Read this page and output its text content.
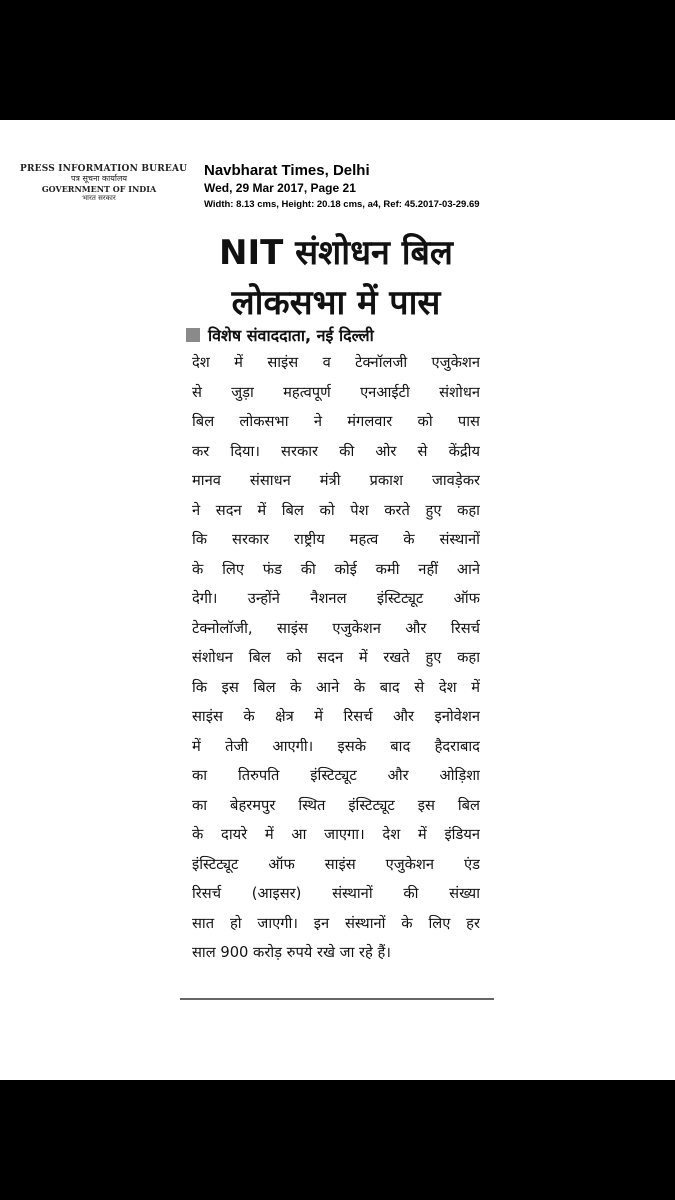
PRESS INFORMATION BUREAU
पत्र सूचना कार्यालय
GOVERNMENT OF INDIA
भारत सरकार
Navbharat Times, Delhi
Wed, 29 Mar 2017, Page 21
Width: 8.13 cms, Height: 20.18 cms, a4, Ref: 45.2017-03-29.69
NIT संशोधन बिल
लोकसभा में पास
विशेष संवाददाता, नई दिल्ली
देश में साइंस व टेक्नॉलजी एजुकेशन
से जुड़ा महत्वपूर्ण एनआईटी संशोधन
बिल लोकसभा ने मंगलवार को पास
कर दिया। सरकार की ओर से केंद्रीय
मानव संसाधन मंत्री प्रकाश जावड़ेकर
ने सदन में बिल को पेश करते हुए कहा
कि सरकार राष्ट्रीय महत्व के संस्थानों
के लिए फंड की कोई कमी नहीं आने
देगी। उन्होंने नैशनल इंस्टिट्यूट ऑफ
टेक्नोलॉजी, साइंस एजुकेशन और रिसर्च
संशोधन बिल को सदन में रखते हुए कहा
कि इस बिल के आने के बाद से देश में
साइंस के क्षेत्र में रिसर्च और इनोवेशन
में तेजी आएगी। इसके बाद हैदराबाद
का तिरुपति इंस्टिट्यूट और ओड़िशा
का बेहरमपुर स्थित इंस्टिट्यूट इस बिल
के दायरे में आ जाएगा। देश में इंडियन
इंस्टिट्यूट ऑफ साइंस एजुकेशन एंड
रिसर्च (आइसर) संस्थानों की संख्या
सात हो जाएगी। इन संस्थानों के लिए हर
साल 900 करोड़ रुपये रखे जा रहे हैं।
